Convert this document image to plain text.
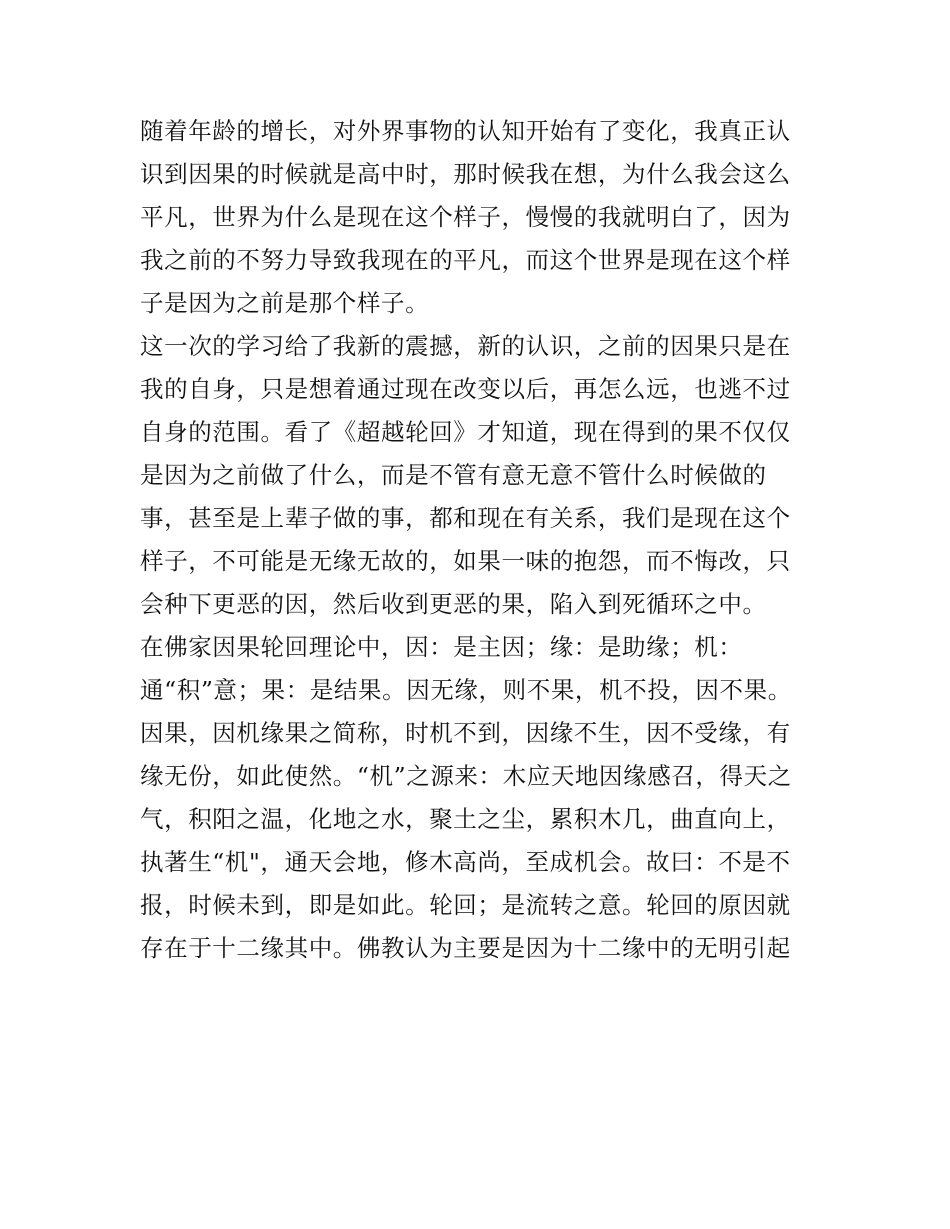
随着年龄的增长，对外界事物的认知开始有了变化，我真正认
识到因果的时候就是高中时，那时候我在想，为什么我会这么
平凡，世界为什么是现在这个样子，慢慢的我就明白了，因为
我之前的不努力导致我现在的平凡，而这个世界是现在这个样
子是因为之前是那个样子。
这一次的学习给了我新的震撼，新的认识，之前的因果只是在
我的自身，只是想着通过现在改变以后，再怎么远，也逃不过
自身的范围。看了《超越轮回》才知道，现在得到的果不仅仅
是因为之前做了什么，而是不管有意无意不管什么时候做的
事，甚至是上辈子做的事，都和现在有关系，我们是现在这个
样子，不可能是无缘无故的，如果一味的抱怨，而不悔改，只
会种下更恶的因，然后收到更恶的果，陷入到死循环之中。
在佛家因果轮回理论中，因：是主因；缘：是助缘；机：
通“积”意；果：是结果。因无缘，则不果，机不投，因不果。
因果，因机缘果之简称，时机不到，因缘不生，因不受缘，有
缘无份，如此使然。“机”之源来：木应天地因缘感召，得天之
气，积阳之温，化地之水，聚土之尘，累积木几，曲直向上，
执著生“机"，通天会地，修木高尚，至成机会。故曰：不是不
报，时候未到，即是如此。轮回；是流转之意。轮回的原因就
存在于十二缘其中。佛教认为主要是因为十二缘中的无明引起
